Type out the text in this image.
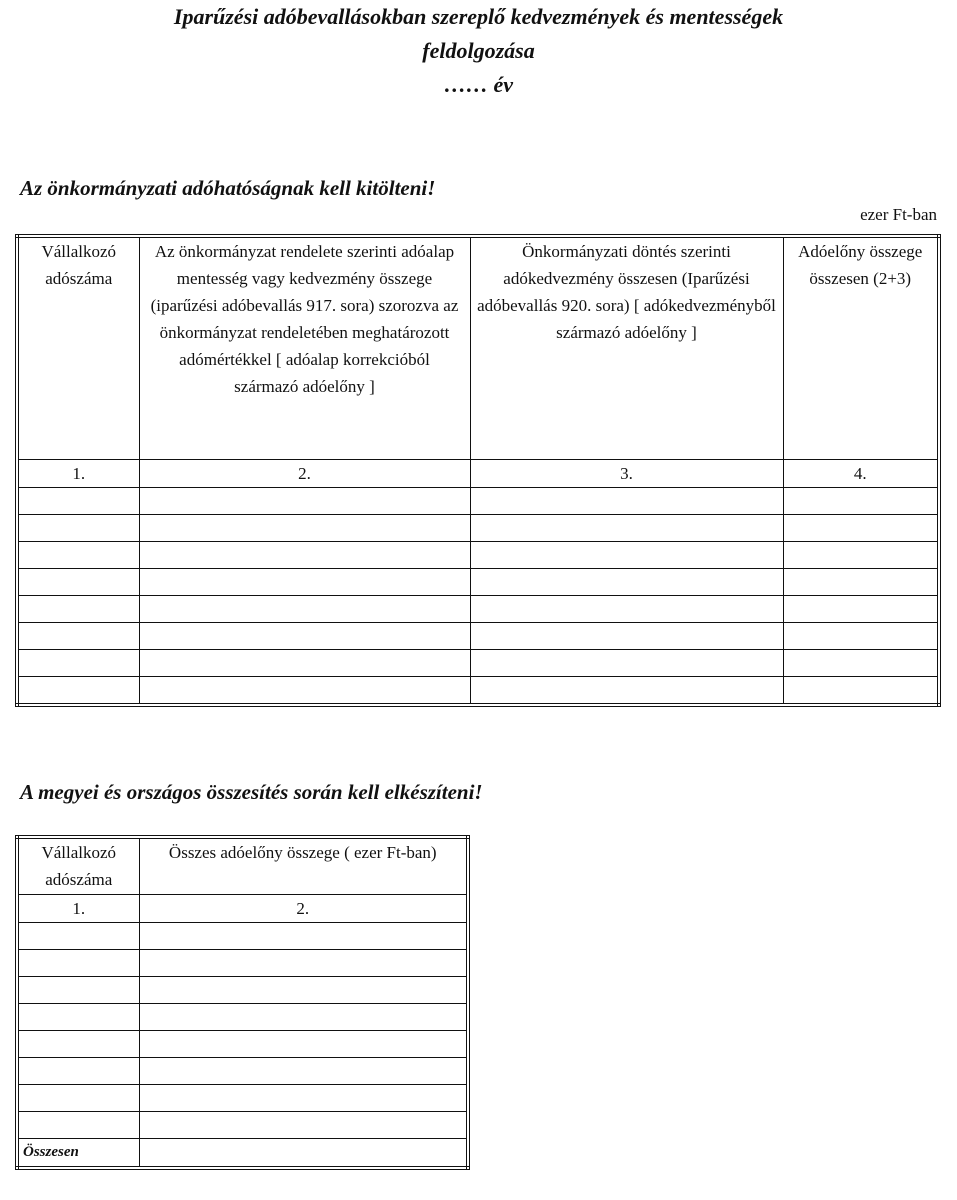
Iparűzési adóbevallásokban szereplő kedvezmények és mentességek
feldolgozása
…… év
Az önkormányzati adóhatóságnak kell kitölteni!
ezer Ft-ban
Vállalkozó adószáma	Az önkormányzat rendelete szerinti adóalap mentesség vagy kedvezmény összege (iparűzési adóbevallás 917. sora) szorozva az önkormányzat rendeletében meghatározott adómértékkel [ adóalap korrekcióból származó adóelőny ]	Önkormányzati döntés szerinti adókedvezmény összesen (Iparűzési adóbevallás 920. sora) [ adókedvezményből származó adóelőny ]	Adóelőny összege összesen (2+3)
1.	2.	3.	4.

A megyei és országos összesítés során kell elkészíteni!
Vállalkozó adószáma	Összes adóelőny összege ( ezer Ft-ban)
1.	2.

Összesen	
